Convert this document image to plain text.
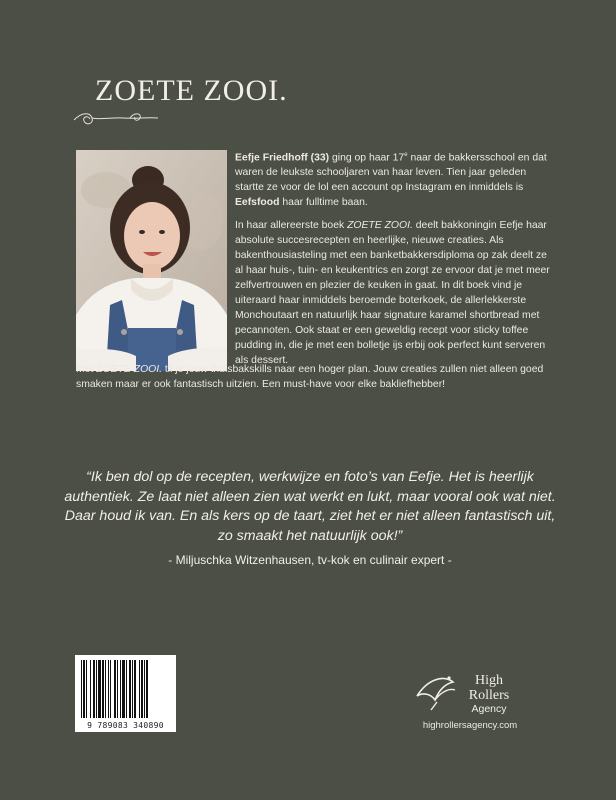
ZOETE ZOOI.

Eefje Friedhoff (33) ging op haar 17e naar de bakkersschool en dat waren de leukste schooljaren van haar leven. Tien jaar geleden startte ze voor de lol een account op Instagram en inmiddels is Eefsfood haar fulltime baan.

In haar allereerste boek ZOETE ZOOI. deelt bakkoningin Eefje haar absolute succesrecepten en heerlijke, nieuwe creaties. Als bakenthousiasteling met een banketbakkersdiploma op zak deelt ze al haar huis-, tuin- en keukentrics en zorgt ze ervoor dat je met meer zelfvertrouwen en plezier de keuken in gaat. In dit boek vind je uiteraard haar inmiddels beroemde boterkoek, de allerlekkerste Monchoutaart en natuurlijk haar signature karamel shortbread met pecannoten. Ook staat er een geweldig recept voor sticky toffee pudding in, die je met een bolletje ijs erbij ook perfect kunt serveren als dessert.

Met ZOETE ZOOI. til je jouw thuisbakskills naar een hoger plan. Jouw creaties zullen niet alleen goed smaken maar er ook fantastisch uitzien. Een must-have voor elke bakliefhebber!

“Ik ben dol op de recepten, werkwijze en foto’s van Eefje. Het is heerlijk authentiek. Ze laat niet alleen zien wat werkt en lukt, maar vooral ook wat niet. Daar houd ik van. En als kers op de taart, ziet het er niet alleen fantastisch uit, zo smaakt het natuurlijk ook!”

- Miljuschka Witzenhausen, tv-kok en culinair expert -

9 789083 340890
High
Rollers
Agency
highrollersagency.com
